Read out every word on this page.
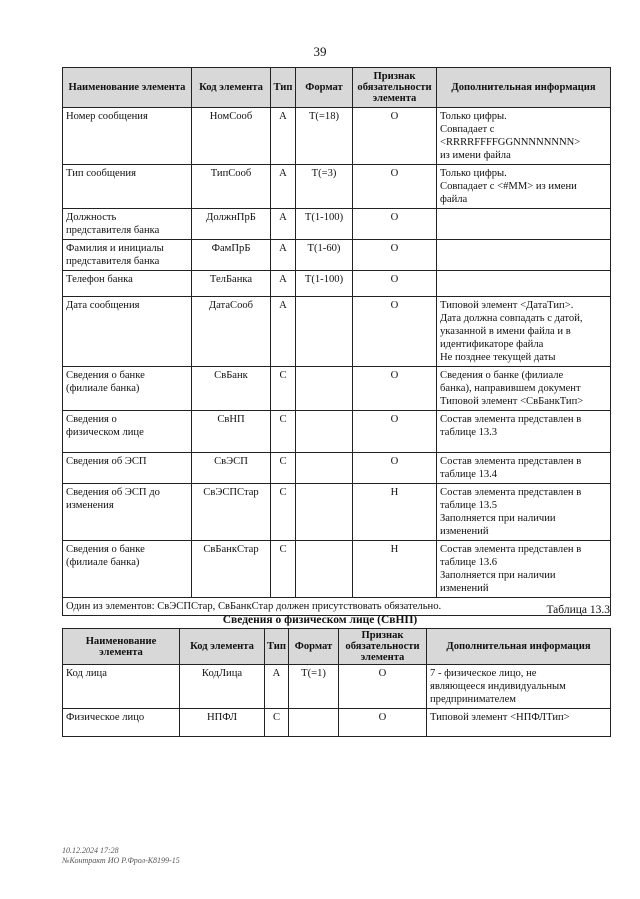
39
Наименование элемента	Код элемента	Тип	Формат	Признак обязательности элемента	Дополнительная информация
Номер сообщения	НомСооб	А	Т(=18)	О	Только цифры.
Совпадает с
<RRRRFFFFGGNNNNNNNN>
из имени файла
Тип сообщения	ТипСооб	А	Т(=3)	О	Только цифры.
Совпадает с <#MM> из имени
файла
Должность
представителя банка	ДолжнПрБ	А	Т(1-100)	О	
Фамилия и инициалы
представителя банка	ФамПрБ	А	Т(1-60)	О	
Телефон банка	ТелБанка	А	Т(1-100)	О	
Дата сообщения	ДатаСооб	А		О	Типовой элемент <ДатаТип>.
Дата должна совпадать с датой,
указанной в имени файла и в
идентификаторе файла
Не позднее текущей даты
Сведения о банке
(филиале банка)	СвБанк	С		О	Сведения о банке (филиале
банка), направившем документ
Типовой элемент <СвБанкТип>
Сведения о
физическом лице	СвНП	С		О	Состав элемента представлен в
таблице 13.3
Сведения об ЭСП	СвЭСП	С		О	Состав элемента представлен в
таблице 13.4
Сведения об ЭСП до
изменения	СвЭСПСтар	С		Н	Состав элемента представлен в
таблице 13.5
Заполняется при наличии
изменений
Сведения о банке
(филиале банка)	СвБанкСтар	С		Н	Состав элемента представлен в
таблице 13.6
Заполняется при наличии
изменений
Один из элементов: СвЭСПСтар, СвБанкСтар должен присутствовать обязательно.						Таблица 13.3
Сведения о физическом лице (СвНП)
Наименование элемента	Код элемента	Тип	Формат	Признак обязательности элемента	Дополнительная информация
Код лица	КодЛица	А	Т(=1)	О	7 - физическое лицо, не
являющееся индивидуальным
предпринимателем
Физическое лицо	НПФЛ	С		О	Типовой элемент <НПФЛТип>
10.12.2024 17:28
№Контракт ИО Р.Фрол-К8199-15
